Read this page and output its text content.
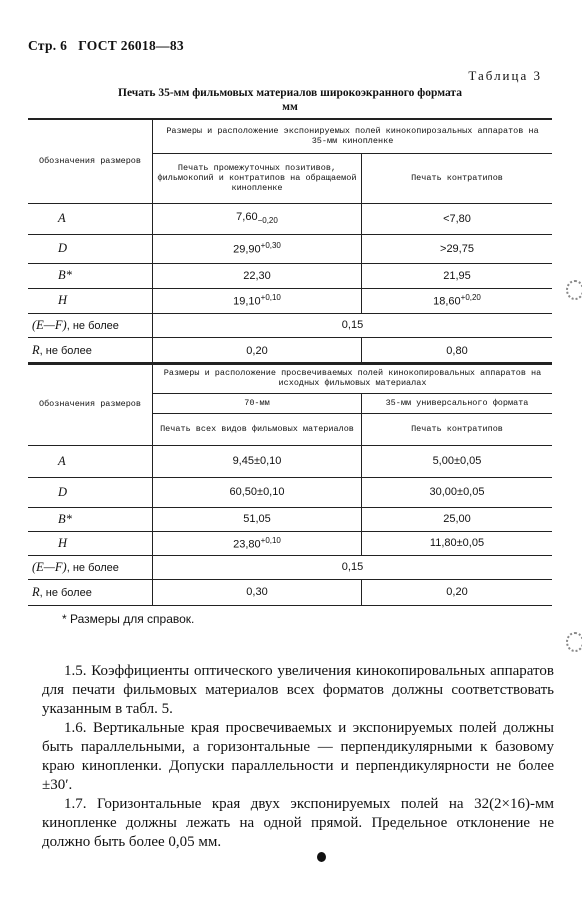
Стр. 6 ГОСТ 26018—83
Таблица 3
Печать 35-мм фильмовых материалов широкоэкранного формата
мм
Обозначения размеров	Размеры и расположение экспонируемых полей кинокопирозальных аппаратов на 35-мм кинопленке	
	Печать промежуточных позитивов, фильмокопий и контратипов на обращаемой кинопленке	Печать контратипов
A	$7,60_{-0,20}$	<7,80
D	$29,90^{+0,30}$	>29,75
B*	22,30	21,95
H	$19,10^{+0,10}$	$18,60^{+0,20}$
(E—F), не более	0,15	
R, не более	0,20	0,80
Обозначения размеров	Размеры и расположение просвечиваемых полей кинокопировальных аппаратов на исходных фильмовых материалах	
	70-мм	35-мм универсального формата
	Печать всех видов фильмовых материалов	Печать контратипов
A	9,45±0,10	5,00±0,05
D	60,50±0,10	30,00±0,05
B*	51,05	25,00
H	$23,80^{+0,10}$	11,80±0,05
(E—F), не более	0,15	
R, не более	0,30	0,20
* Размеры для справок.

1.5. Коэффициенты оптического увеличения кинокопировальных аппаратов для печати фильмовых материалов всех форматов должны соответствовать указанным в табл. 5.

1.6. Вертикальные края просвечиваемых и экспонируемых полей должны быть параллельными, а горизонтальные — перпендикулярными к базовому краю кинопленки. Допуски параллельности и перпендикулярности не более ±30′.

1.7. Горизонтальные края двух экспонируемых полей на 32(2×16)-мм кинопленке должны лежать на одной прямой. Предельное отклонение не должно быть более 0,05 мм.
